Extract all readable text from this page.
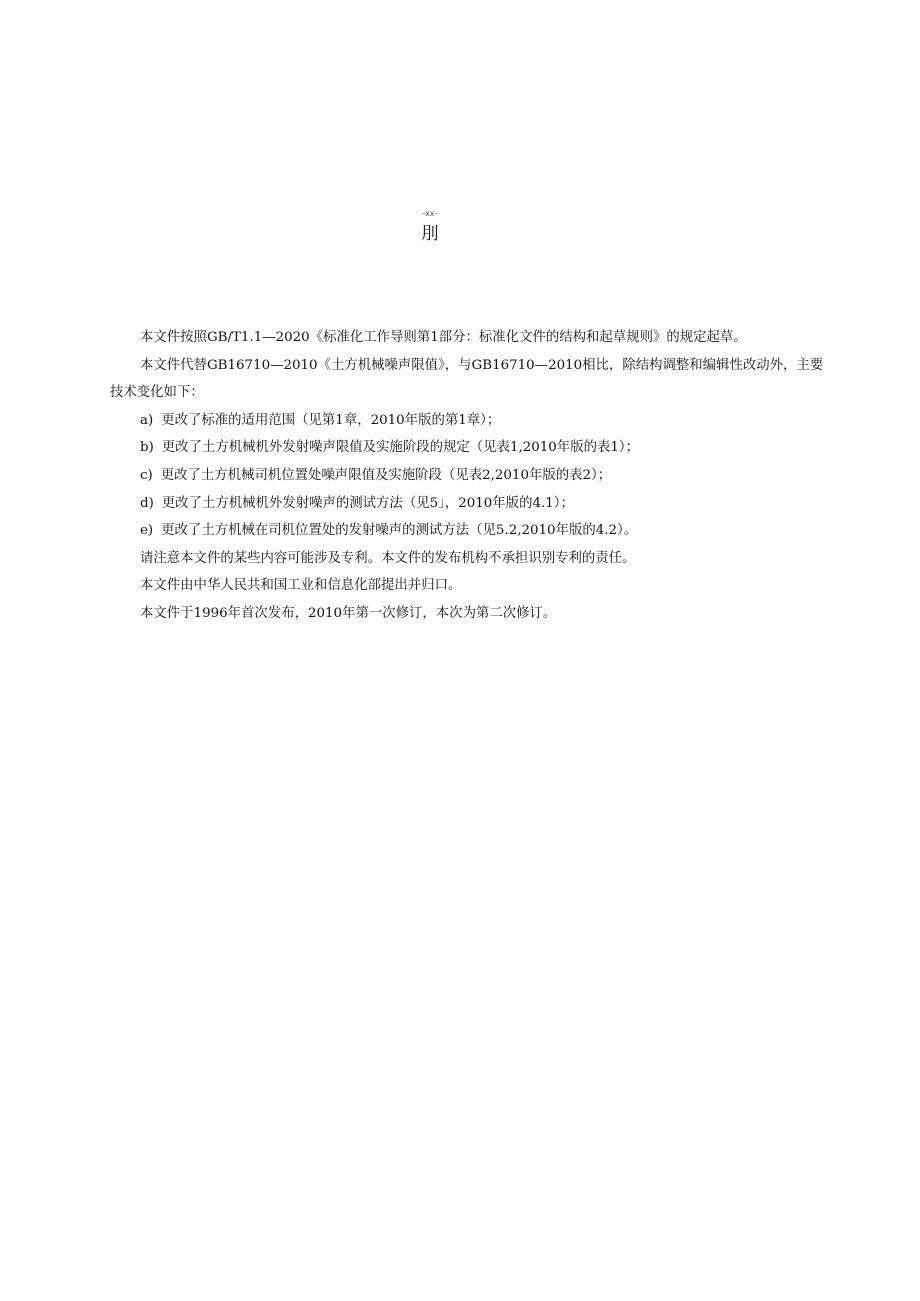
-xx-
刖

本文件按照GB/T1.1—2020《标准化工作导则第1部分：标准化文件的结构和起草规则》的规定起草。

本文件代替GB16710—2010《土方机械噪声限值》，与GB16710—2010相比，除结构调整和编辑性改动外，主要技术变化如下：

a) 更改了标准的适用范围（见第1章，2010年版的第1章）；

b) 更改了土方机械机外发射噪声限值及实施阶段的规定（见表1,2010年版的表1）；

c) 更改了土方机械司机位置处噪声限值及实施阶段（见表2,2010年版的表2）；

d) 更改了土方机械机外发射噪声的测试方法（见5」，2010年版的4.1）；

e) 更改了土方机械在司机位置处的发射噪声的测试方法（见5.2,2010年版的4.2）。

请注意本文件的某些内容可能涉及专利。本文件的发布机构不承担识别专利的责任。

本文件由中华人民共和国工业和信息化部提出并归口。

本文件于1996年首次发布，2010年第一次修订，本次为第二次修订。
